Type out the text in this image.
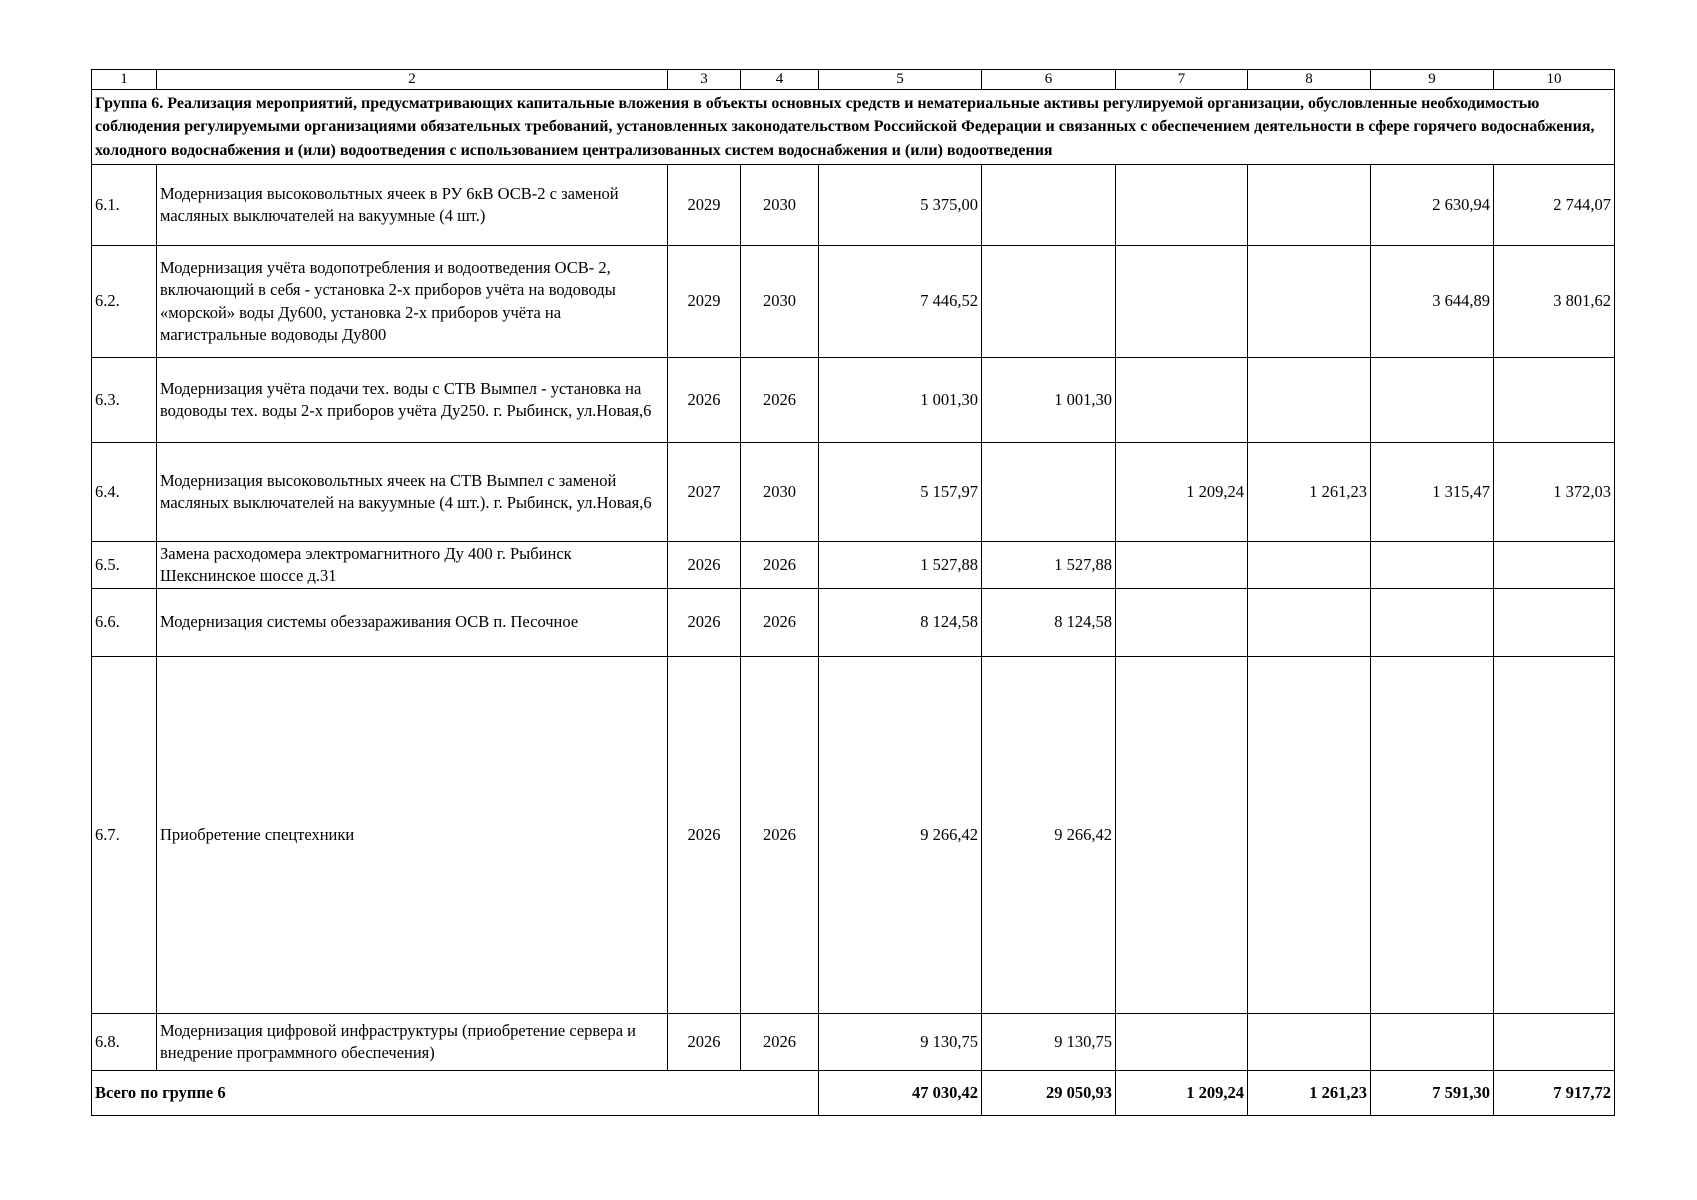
1	2	3	4	5	6	7	8	9	10
Группа 6. Реализация мероприятий, предусматривающих капитальные вложения в объекты основных средств и нематериальные активы регулируемой организации, обусловленные необходимостью соблюдения регулируемыми организациями обязательных требований, установленных законодательством Российской Федерации и связанных с обеспечением деятельности в сфере горячего водоснабжения, холодного водоснабжения и (или) водоотведения с использованием централизованных систем водоснабжения и (или) водоотведения									
6.1.	Модернизация высоковольтных ячеек в РУ 6кВ ОСВ-2 с заменой масляных выключателей на вакуумные (4 шт.)	2029	2030	5 375,00				2 630,94	2 744,07
6.2.	Модернизация учёта водопотребления и водоотведения ОСВ- 2, включающий в себя - установка 2-х приборов учёта на водоводы «морской» воды Ду600, установка 2-х приборов учёта на магистральные водоводы Ду800	2029	2030	7 446,52				3 644,89	3 801,62
6.3.	Модернизация учёта подачи тех. воды с СТВ Вымпел - установка на водоводы тех. воды 2-х приборов учёта Ду250. г. Рыбинск, ул.Новая,6	2026	2026	1 001,30	1 001,30				
6.4.	Модернизация высоковольтных ячеек на СТВ Вымпел с заменой масляных выключателей на вакуумные (4 шт.). г. Рыбинск, ул.Новая,6	2027	2030	5 157,97		1 209,24	1 261,23	1 315,47	1 372,03
6.5.	Замена расходомера электромагнитного Ду 400 г. Рыбинск Шекснинское шоссе д.31	2026	2026	1 527,88	1 527,88				
6.6.	Модернизация системы обеззараживания ОСВ п. Песочное	2026	2026	8 124,58	8 124,58				
6.7.	Приобретение спецтехники	2026	2026	9 266,42	9 266,42				
6.8.	Модернизация цифровой инфраструктуры (приобретение сервера и внедрение программного обеспечения)	2026	2026	9 130,75	9 130,75				
Всего по группе 6				47 030,42	29 050,93	1 209,24	1 261,23	7 591,30	7 917,72
